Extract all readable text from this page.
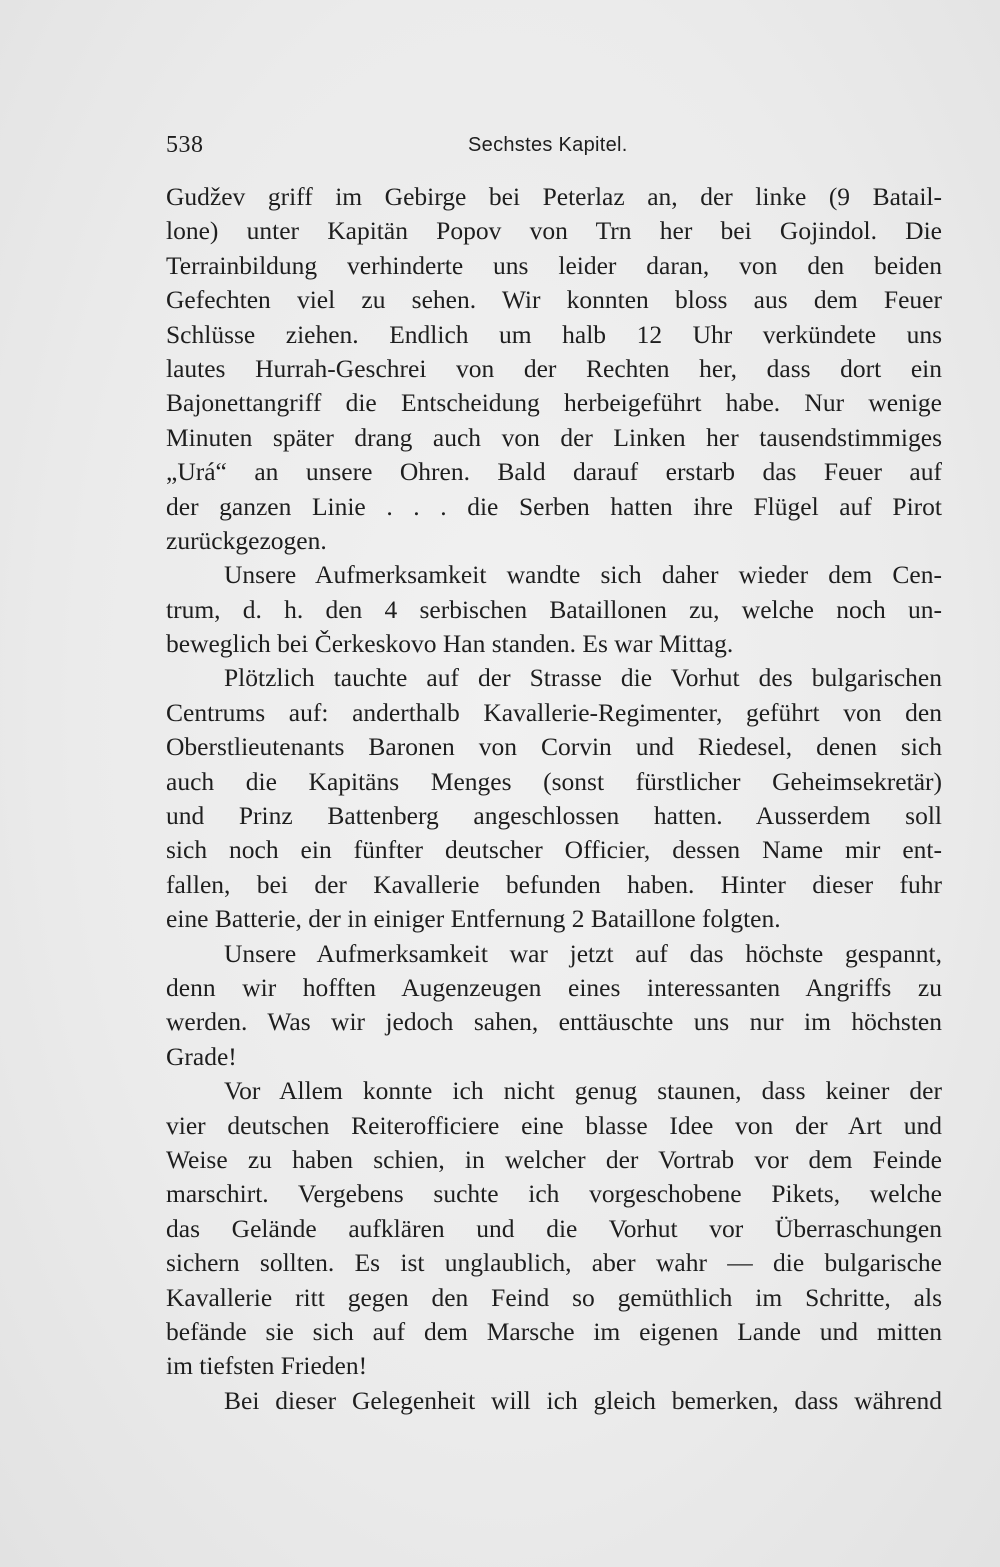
538	Sechstes Kapitel.
Gudžev griff im Gebirge bei Peterlaz an, der linke (9 Batail-
lone) unter Kapitän Popov von Trn her bei Gojindol. Die
Terrainbildung verhinderte uns leider daran, von den beiden
Gefechten viel zu sehen. Wir konnten bloss aus dem Feuer
Schlüsse ziehen. Endlich um halb 12 Uhr verkündete uns
lautes Hurrah-Geschrei von der Rechten her, dass dort ein
Bajonettangriff die Entscheidung herbeigeführt habe. Nur wenige
Minuten später drang auch von der Linken her tausendstimmiges
„Urá“ an unsere Ohren. Bald darauf erstarb das Feuer auf
der ganzen Linie . . . die Serben hatten ihre Flügel auf Pirot
zurückgezogen.
Unsere Aufmerksamkeit wandte sich daher wieder dem Cen-
trum, d. h. den 4 serbischen Bataillonen zu, welche noch un-
beweglich bei Čerkeskovo Han standen. Es war Mittag.
Plötzlich tauchte auf der Strasse die Vorhut des bulgarischen
Centrums auf: anderthalb Kavallerie-Regimenter, geführt von den
Oberstlieutenants Baronen von Corvin und Riedesel, denen sich
auch die Kapitäns Menges (sonst fürstlicher Geheimsekretär)
und Prinz Battenberg angeschlossen hatten. Ausserdem soll
sich noch ein fünfter deutscher Officier, dessen Name mir ent-
fallen, bei der Kavallerie befunden haben. Hinter dieser fuhr
eine Batterie, der in einiger Entfernung 2 Bataillone folgten.
Unsere Aufmerksamkeit war jetzt auf das höchste gespannt,
denn wir hofften Augenzeugen eines interessanten Angriffs zu
werden. Was wir jedoch sahen, enttäuschte uns nur im höchsten
Grade!
Vor Allem konnte ich nicht genug staunen, dass keiner der
vier deutschen Reiterofficiere eine blasse Idee von der Art und
Weise zu haben schien, in welcher der Vortrab vor dem Feinde
marschirt. Vergebens suchte ich vorgeschobene Pikets, welche
das Gelände aufklären und die Vorhut vor Überraschungen
sichern sollten. Es ist unglaublich, aber wahr — die bulgarische
Kavallerie ritt gegen den Feind so gemüthlich im Schritte, als
befände sie sich auf dem Marsche im eigenen Lande und mitten
im tiefsten Frieden!
Bei dieser Gelegenheit will ich gleich bemerken, dass während
